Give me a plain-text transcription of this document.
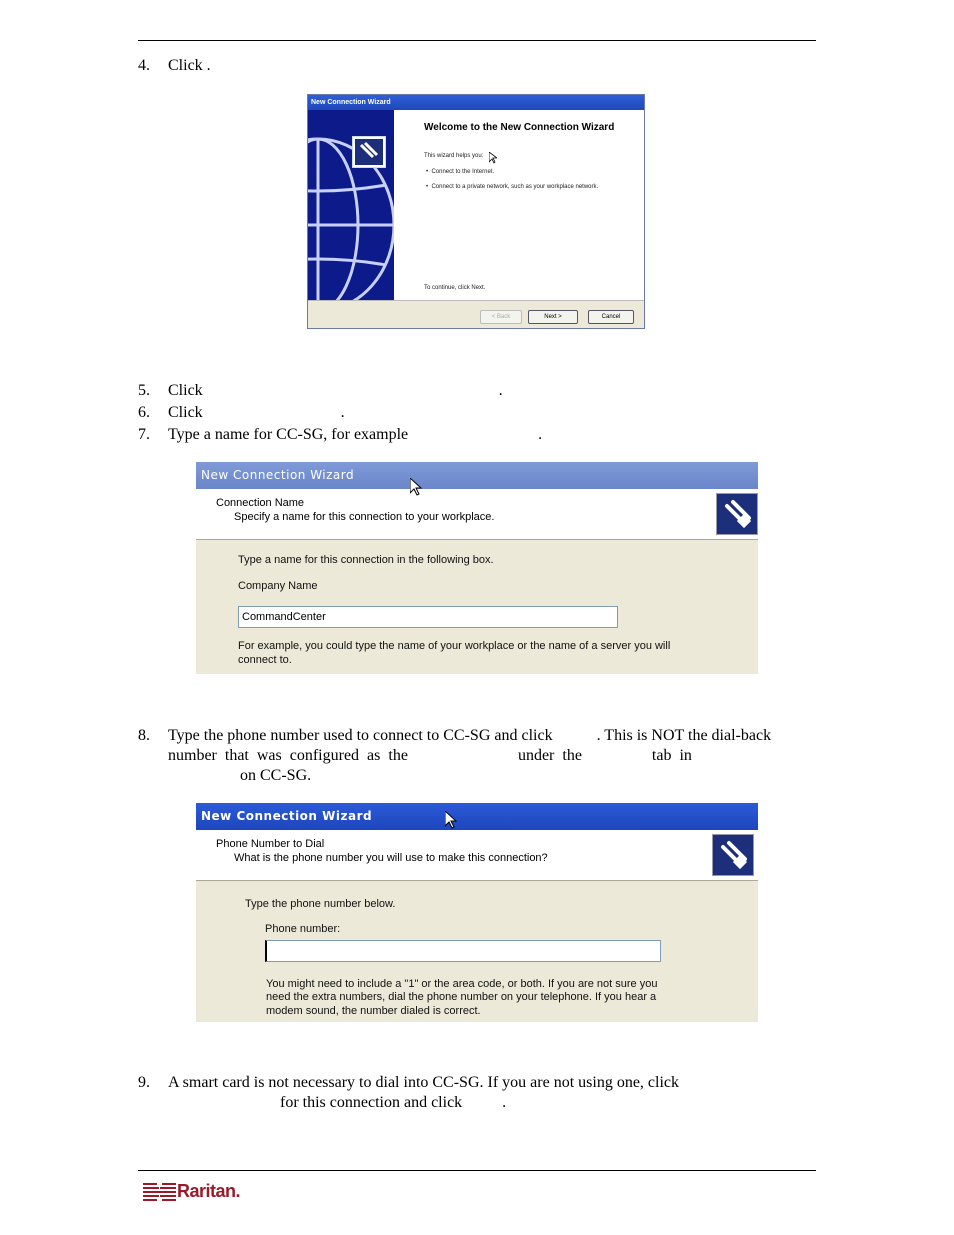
4.	Click .
New Connection Wizard
Welcome to the New Connection Wizard
This wizard helps you:
•  Connect to the Internet.
•  Connect to a private network, such as your workplace network.
To continue, click Next.
< Back	Next >	Cancel
5.	Click	.
6.	Click	.
7.	Type a name for CC-SG, for example	.
New Connection Wizard
Connection Name
Specify a name for this connection to your workplace.
Type a name for this connection in the following box.
Company Name
CommandCenter
For example, you could type the name of your workplace or the name of a server you will
connect to.
8. Type the phone number used to connect to CC-SG and click	. This is NOT the dial-back
number  that  was  configured  as  the	under  the	tab  in
on CC-SG.
New Connection Wizard
Phone Number to Dial
What is the phone number you will use to make this connection?
Type the phone number below.
Phone number:
You might need to include a "1" or the area code, or both. If you are not sure you
need the extra numbers, dial the phone number on your telephone. If you hear a
modem sound, the number dialed is correct.
9. A smart card is not necessary to dial into CC-SG. If you are not using one, click
for this connection and click	.
Raritan.
